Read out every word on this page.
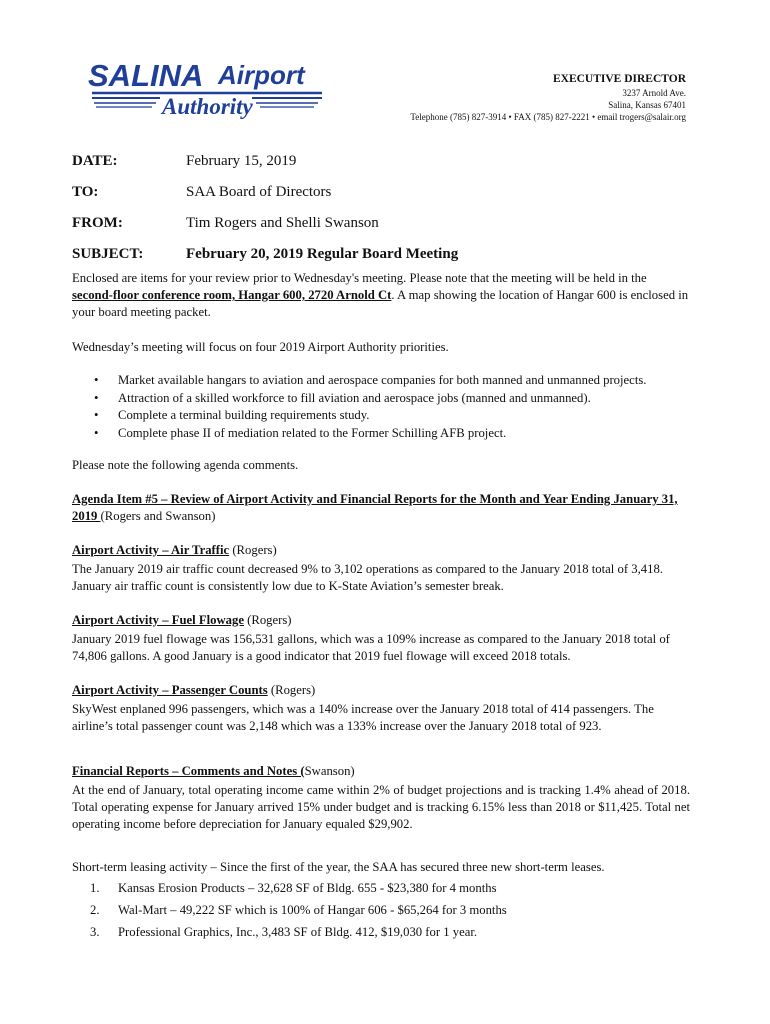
SALINA Airport
Authority
EXECUTIVE DIRECTOR
3237 Arnold Ave.
Salina, Kansas 67401
Telephone (785) 827-3914 • FAX (785) 827-2221 • email trogers@salair.org
DATE:	February 15, 2019
TO:	SAA Board of Directors
FROM:	Tim Rogers and Shelli Swanson
SUBJECT:	February 20, 2019 Regular Board Meeting

Enclosed are items for your review prior to Wednesday's meeting. Please note that the meeting will be held in the second-floor conference room, Hangar 600, 2720 Arnold Ct. A map showing the location of Hangar 600 is enclosed in your board meeting packet.

Wednesday’s meeting will focus on four 2019 Airport Authority priorities.

• Market available hangars to aviation and aerospace companies for both manned and unmanned projects.
• Attraction of a skilled workforce to fill aviation and aerospace jobs (manned and unmanned).
• Complete a terminal building requirements study.
• Complete phase II of mediation related to the Former Schilling AFB project.

Please note the following agenda comments.

Agenda Item #5 – Review of Airport Activity and Financial Reports for the Month and Year Ending January 31, 2019 (Rogers and Swanson)

Airport Activity – Air Traffic (Rogers)

The January 2019 air traffic count decreased 9% to 3,102 operations as compared to the January 2018 total of 3,418. January air traffic count is consistently low due to K-State Aviation’s semester break.

Airport Activity – Fuel Flowage (Rogers)

January 2019 fuel flowage was 156,531 gallons, which was a 109% increase as compared to the January 2018 total of 74,806 gallons. A good January is a good indicator that 2019 fuel flowage will exceed 2018 totals.

Airport Activity – Passenger Counts (Rogers)

SkyWest enplaned 996 passengers, which was a 140% increase over the January 2018 total of 414 passengers. The airline’s total passenger count was 2,148 which was a 133% increase over the January 2018 total of 923.

Financial Reports – Comments and Notes (Swanson)

At the end of January, total operating income came within 2% of budget projections and is tracking 1.4% ahead of 2018. Total operating expense for January arrived 15% under budget and is tracking 6.15% less than 2018 or $11,425. Total net operating income before depreciation for January equaled $29,902.

Short-term leasing activity – Since the first of the year, the SAA has secured three new short-term leases.

1.	Kansas Erosion Products – 32,628 SF of Bldg. 655 - $23,380 for 4 months
2.	Wal-Mart – 49,222 SF which is 100% of Hangar 606 - $65,264 for 3 months
3.	Professional Graphics, Inc., 3,483 SF of Bldg. 412, $19,030 for 1 year.
